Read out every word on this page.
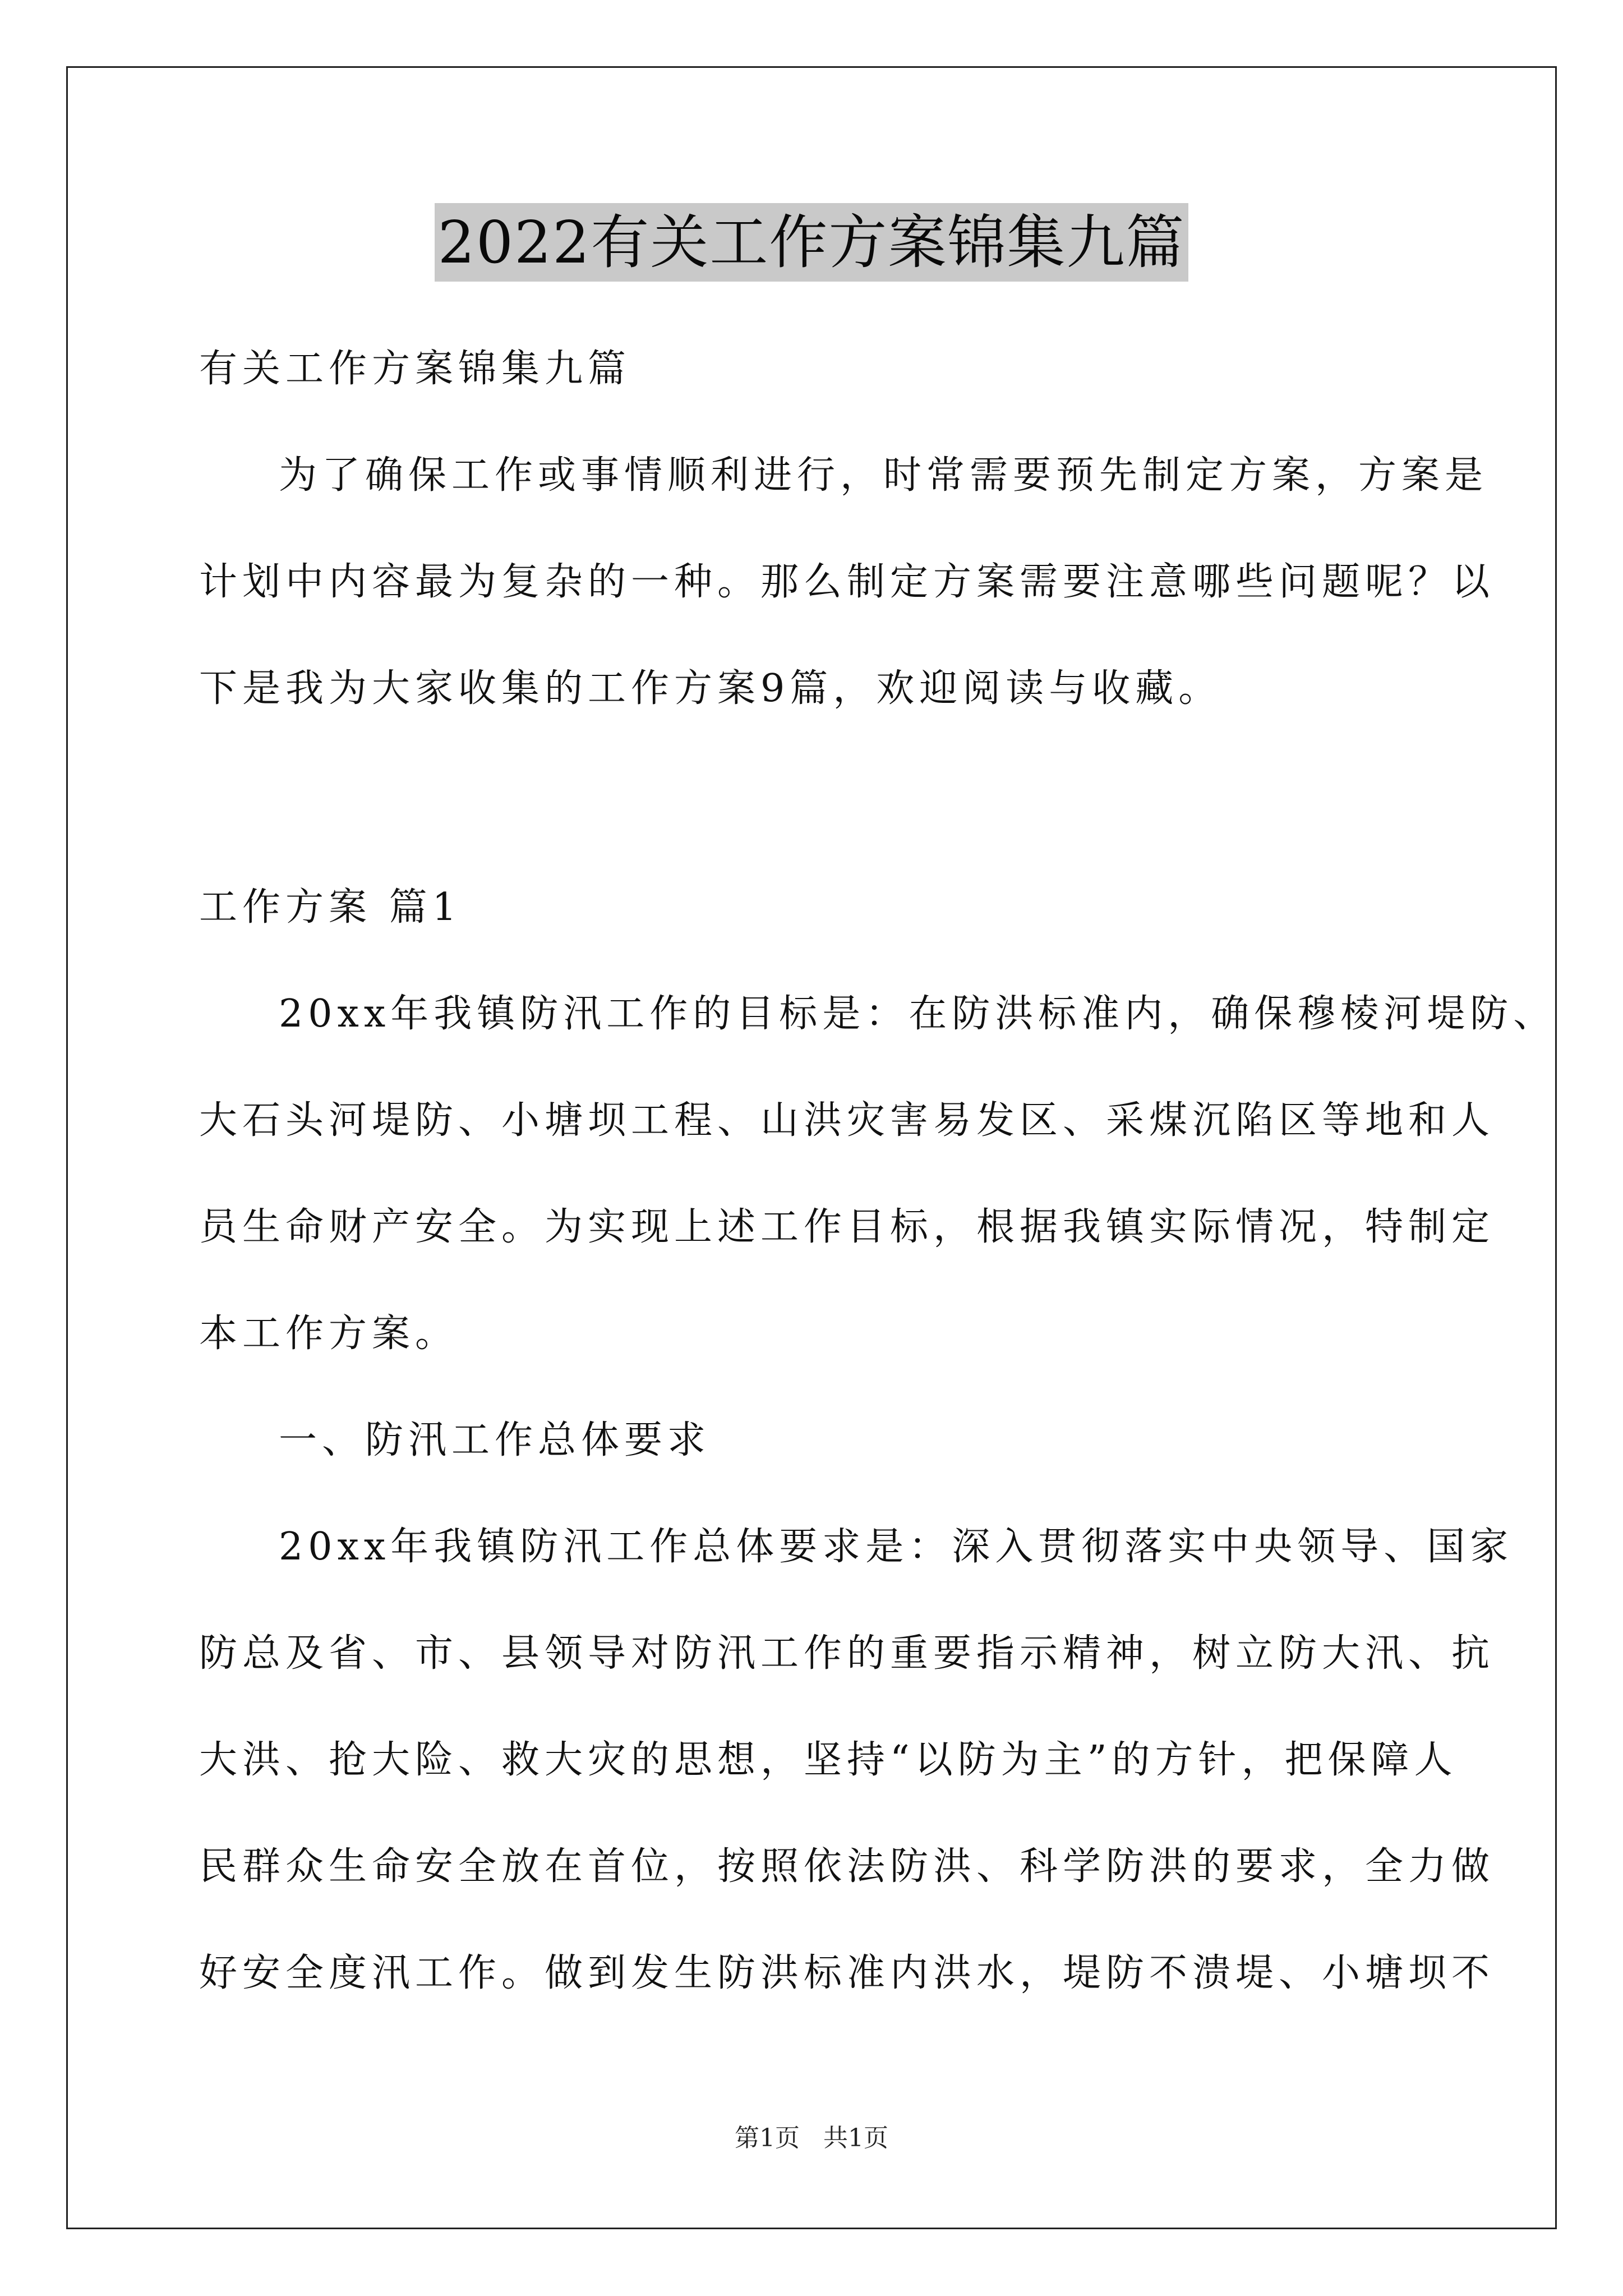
2022有关工作方案锦集九篇
有关工作方案锦集九篇
为了确保工作或事情顺利进行，时常需要预先制定方案，方案是
计划中内容最为复杂的一种。那么制定方案需要注意哪些问题呢？以
下是我为大家收集的工作方案9篇，欢迎阅读与收藏。
工作方案 篇1
20xx年我镇防汛工作的目标是：在防洪标准内，确保穆棱河堤防、
大石头河堤防、小塘坝工程、山洪灾害易发区、采煤沉陷区等地和人
员生命财产安全。为实现上述工作目标，根据我镇实际情况，特制定
本工作方案。
一、防汛工作总体要求
20xx年我镇防汛工作总体要求是：深入贯彻落实中央领导、国家
防总及省、市、县领导对防汛工作的重要指示精神，树立防大汛、抗
大洪、抢大险、救大灾的思想，坚持“以防为主”的方针，把保障人
民群众生命安全放在首位，按照依法防洪、科学防洪的要求，全力做
好安全度汛工作。做到发生防洪标准内洪水，堤防不溃堤、小塘坝不
第1页 共1页
